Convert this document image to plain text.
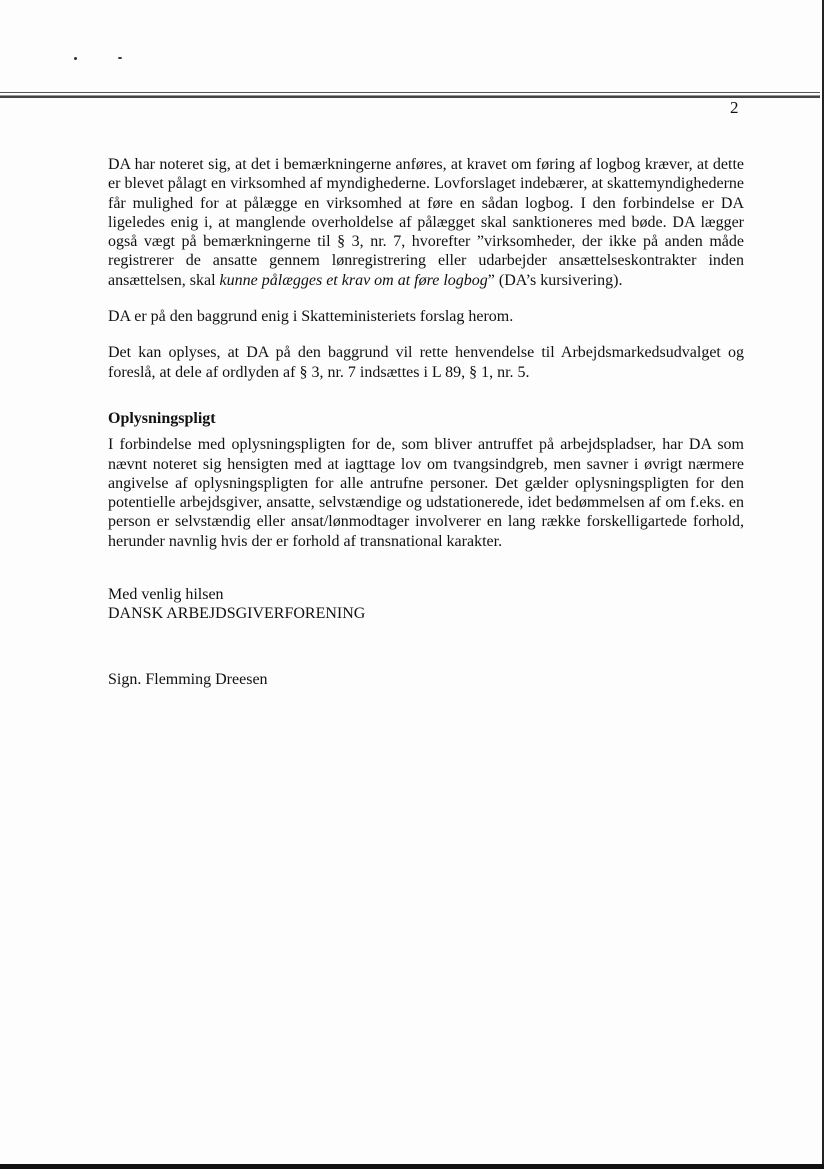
2

DA har noteret sig, at det i bemærkningerne anføres, at kravet om føring af logbog kræver, at dette er blevet pålagt en virksomhed af myndighederne. Lovforslaget indebærer, at skattemyndighederne får mulighed for at pålægge en virksomhed at føre en sådan logbog. I den forbindelse er DA ligeledes enig i, at manglende overholdelse af pålægget skal sanktioneres med bøde. DA lægger også vægt på bemærkningerne til § 3, nr. 7, hvorefter ”virksomheder, der ikke på anden måde registrerer de ansatte gennem lønregistrering eller udarbejder ansættelseskontrakter inden ansættelsen, skal kunne pålægges et krav om at føre logbog” (DA’s kursivering).

DA er på den baggrund enig i Skatteministeriets forslag herom.

Det kan oplyses, at DA på den baggrund vil rette henvendelse til Arbejdsmarkedsudvalget og foreslå, at dele af ordlyden af § 3, nr. 7 indsættes i L 89, § 1, nr. 5.

Oplysningspligt

I forbindelse med oplysningspligten for de, som bliver antruffet på arbejdspladser, har DA som nævnt noteret sig hensigten med at iagttage lov om tvangsindgreb, men savner i øvrigt nærmere angivelse af oplysningspligten for alle antrufne personer. Det gælder oplysningspligten for den potentielle arbejdsgiver, ansatte, selvstændige og udstationerede, idet bedømmelsen af om f.eks. en person er selvstændig eller ansat/lønmodtager involverer en lang række forskelligartede forhold, herunder navnlig hvis der er forhold af transnational karakter.

Med venlig hilsen
DANSK ARBEJDSGIVERFORENING
Sign. Flemming Dreesen
